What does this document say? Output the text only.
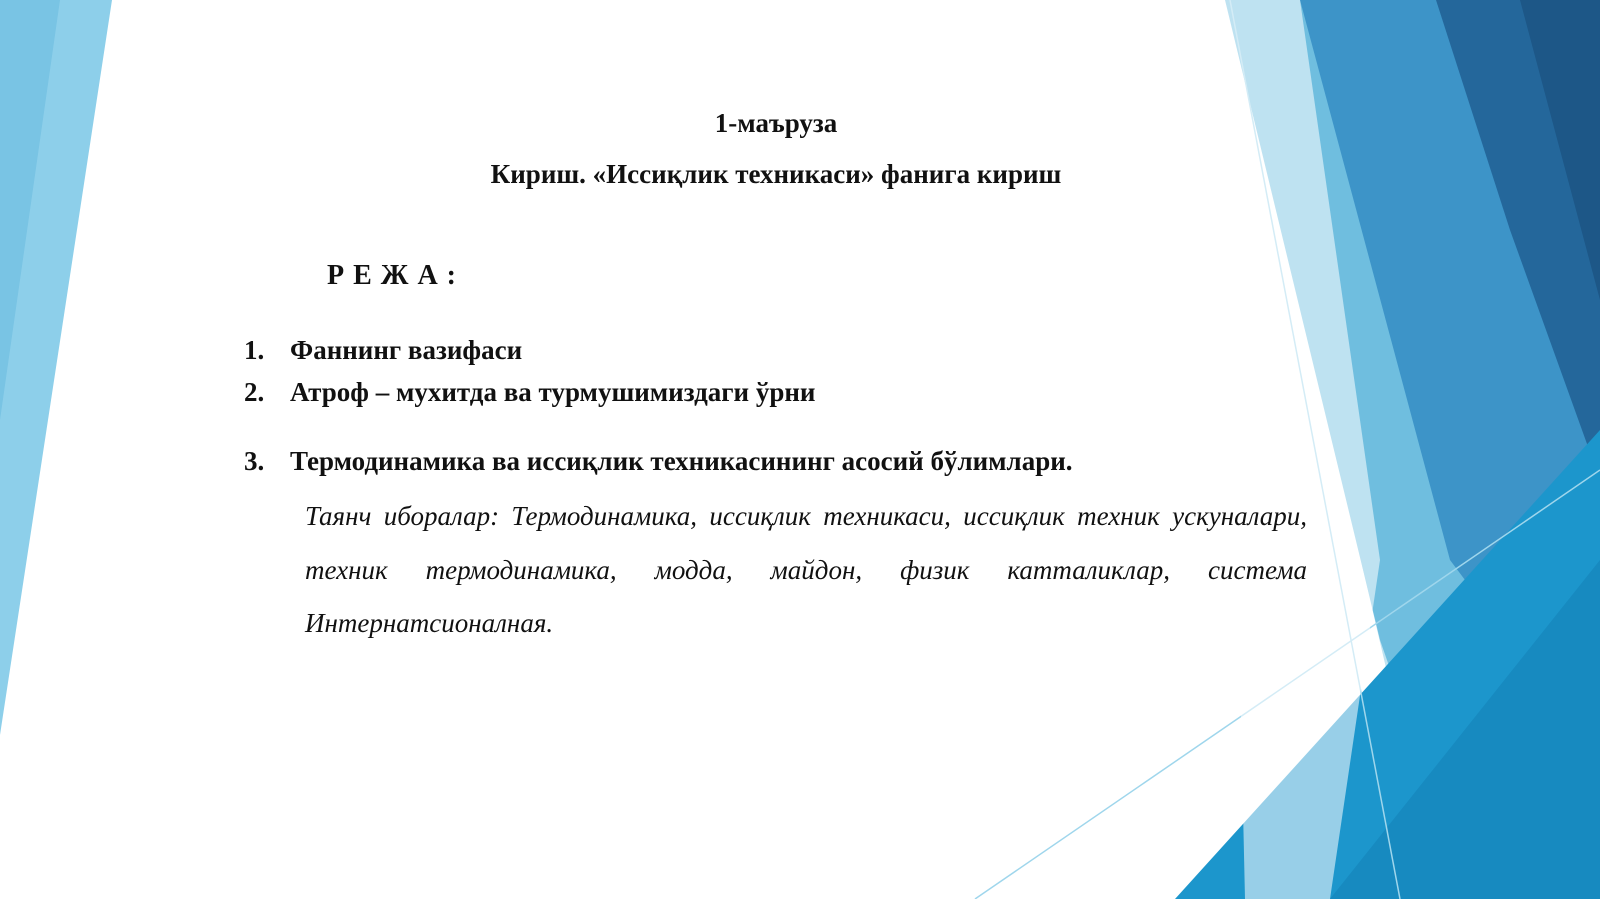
1-маъруза
Кириш. «Иссиқлик техникаси» фанига кириш
Р Е Ж А :
1. Фаннинг вазифаси
2. Атроф – мухитда ва турмушимиздаги ўрни
3. Термодинамика ва иссиқлик техникасининг асосий бўлимлари.
Таянч иборалар: Термодинамика, иссиқлик техникаси, иссиқлик техник ускуналари, техник термодинамика, модда, майдон, физик катталиклар, система Интернатсионалная.
